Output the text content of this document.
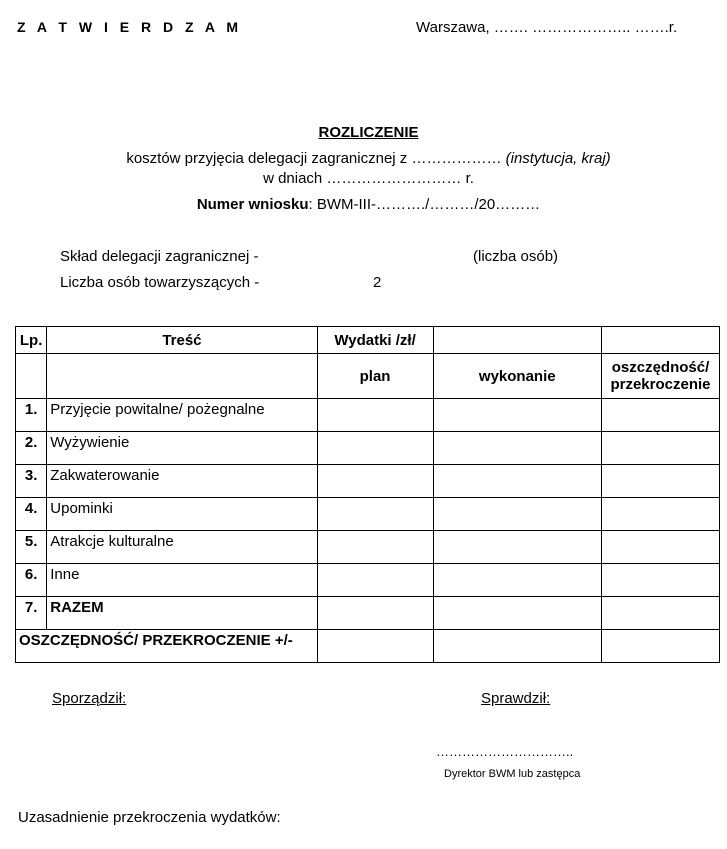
Z A T W I E R D Z A M	Warszawa, ……. ……………….. …….r.
ROZLICZENIE
kosztów przyjęcia delegacji zagranicznej z ……………… (instytucja, kraj)
w dniach ……………………… r.
Numer wniosku: BWM-III-………./………/20………
Skład delegacji zagranicznej -	(liczba osób)
Liczba osób towarzyszących -	2
Lp.	Treść	Wydatki /zł/		
		plan	wykonanie	oszczędność/
przekroczenie

1.	Przyjęcie powitalne/ pożegnalne			

2.	Wyżywienie			

3.	Zakwaterowanie			

4.	Upominki			

5.	Atrakcje kulturalne			

6.	Inne			

7.	RAZEM			

OSZCZĘDNOŚĆ/ PRZEKROCZENIE +/-				

Sporządził:	Sprawdził:
…………………………..
Dyrektor BWM lub zastępca
Uzasadnienie przekroczenia wydatków:
